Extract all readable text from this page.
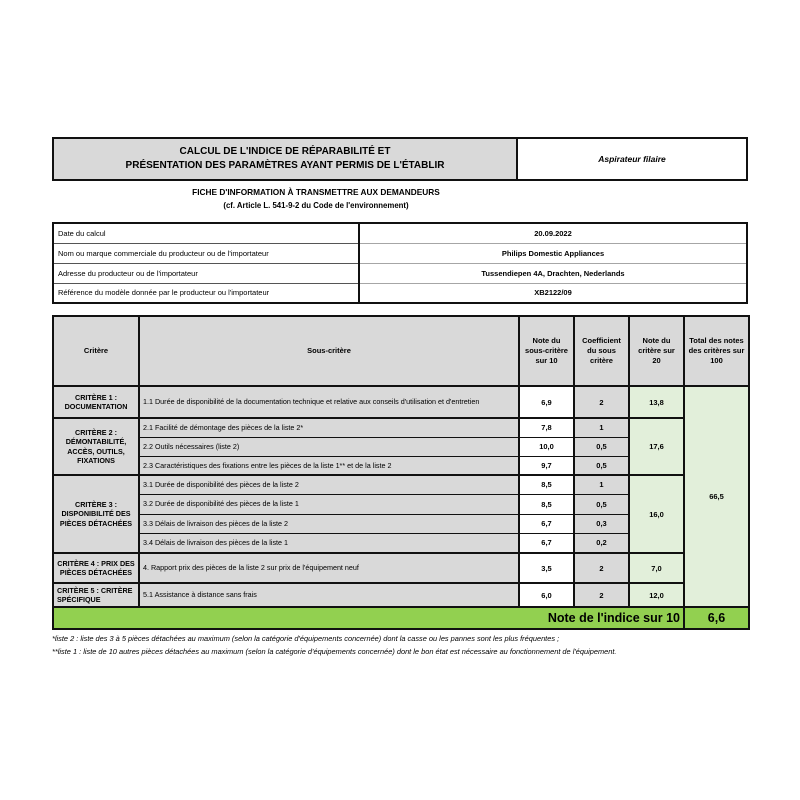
CALCUL DE L'INDICE DE RÉPARABILITÉ ET
PRÉSENTATION DES PARAMÈTRES AYANT PERMIS DE L'ÉTABLIR
Aspirateur filaire
FICHE D'INFORMATION À TRANSMETTRE AUX DEMANDEURS
(cf. Article L. 541-9-2 du Code de l'environnement)
Date du calcul	20.09.2022
Nom ou marque commerciale du producteur ou de l'importateur	Philips Domestic Appliances
Adresse du producteur ou de l'importateur	Tussendiepen 4A, Drachten, Nederlands
Référence du modèle donnée par le producteur ou l'importateur	XB2122/09
Critère	Sous-critère	Note du sous-critère sur 10	Coefficient du sous critère	Note du critère sur 20	Total des notes des critères sur 100
CRITÈRE 1 : DOCUMENTATION	1.1 Durée de disponibilité de la documentation technique et relative aux conseils d'utilisation et d'entretien	6,9	2	13,8	66,5
CRITÈRE 2 : DÉMONTABILITÉ, ACCÈS, OUTILS, FIXATIONS	2.1 Facilité de démontage des pièces de la liste 2*	7,8	1	17,6	
	2.2 Outils nécessaires (liste 2)	10,0	0,5		
	2.3 Caractéristiques des fixations entre les pièces de la liste 1** et de la liste 2	9,7	0,5		
CRITÈRE 3 : DISPONIBILITÉ DES PIÈCES DÉTACHÉES	3.1 Durée de disponibilité des pièces de la liste 2	8,5	1	16,0	
	3.2 Durée de disponibilité des pièces de la liste 1	8,5	0,5		
	3.3 Délais de livraison des pièces de la liste 2	6,7	0,3		
	3.4 Délais de livraison des pièces de la liste 1	6,7	0,2		
CRITÈRE 4 : PRIX DES PIÈCES DÉTACHÉES	4. Rapport prix des pièces de la liste 2 sur prix de l'équipement neuf	3,5	2	7,0	
CRITÈRE 5 : CRITÈRE SPÉCIFIQUE	5.1 Assistance à distance sans frais	6,0	2	12,0	
Note de l'indice sur 10					6,6
*liste 2 : liste des 3 à 5 pièces détachées au maximum (selon la catégorie d'équipements concernée) dont la casse ou les pannes sont les plus fréquentes ;
**liste 1 : liste de 10 autres pièces détachées au maximum (selon la catégorie d'équipements concernée) dont le bon état est nécessaire au fonctionnement de l'équipement.
